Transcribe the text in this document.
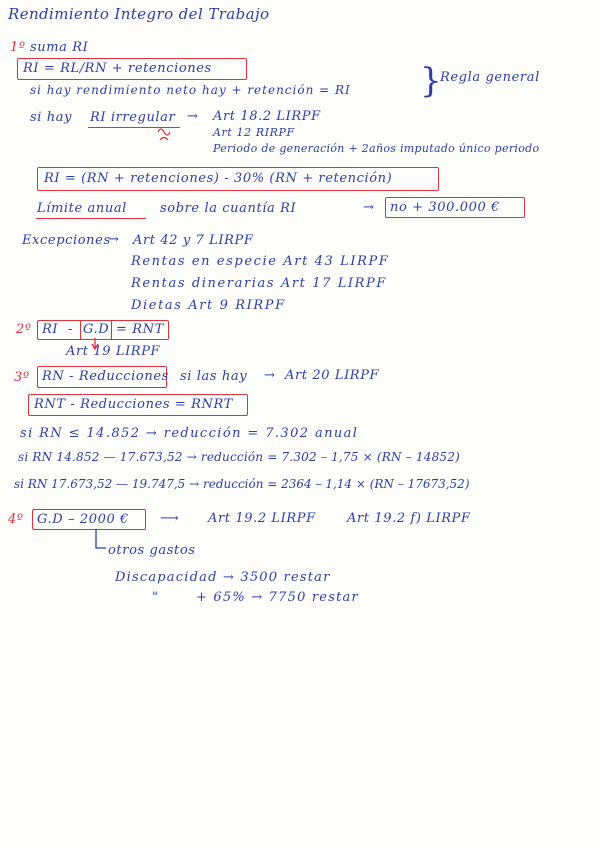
Rendimiento Integro del Trabajo
1º suma RI
RI = RL/RN + retenciones
si hay rendimiento neto hay + retención = RI }
Regla general
si hay RI irregular → Art 18.2 LIRPF
Art 12 RIRPF
Periodo de generación + 2años imputado único periodo
RI = (RN + retenciones) - 30% (RN + retención)
Límite anual	sobre la cuantía RI	→ no + 300.000 €
Excepciones
→ Art 42 y 7 LIRPF
Rentas en especie Art 43 LIRPF
Rentas dinerarias Art 17 LIRPF
Dietas Art 9 RIRPF
2º RI - G.D = RNT
Art 19 LIRPF
3º RN - Reducciones si las hay → Art 20 LIRPF
RNT - Reducciones = RNRT
si RN ≤ 14.852 → reducción = 7.302 anual
si RN 14.852 — 17.673,52 → reducción = 7.302 – 1,75 × (RN – 14852)
si RN 17.673,52 — 19.747,5 → reducción = 2364 – 1,14 × (RN – 17673,52)
4º G.D – 2000 € ⟶ Art 19.2 LIRPF Art 19.2 f) LIRPF
otros gastos
Discapacidad → 3500 restar
"	+ 65% → 7750 restar
